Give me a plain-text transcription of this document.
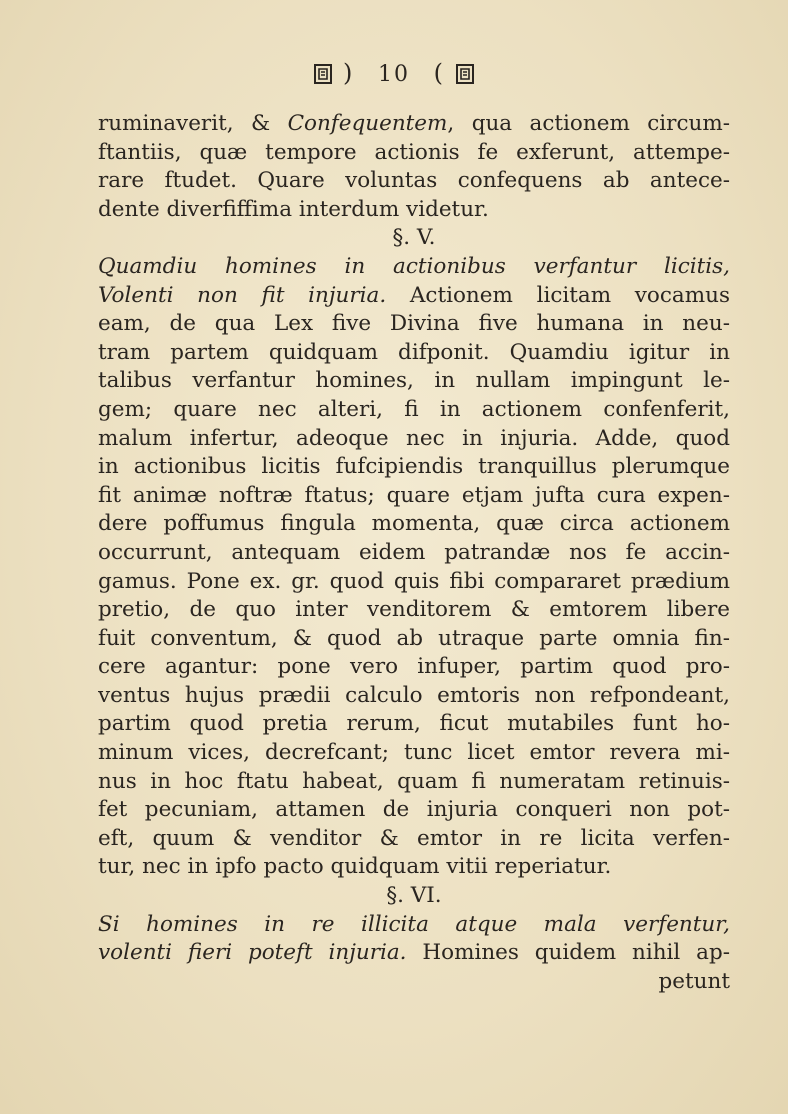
) 10 (
ruminaverit, & Confequentem, qua actionem circum-
ftantiis, quæ tempore actionis fe exferunt, attempe-
rare ftudet. Quare voluntas confequens ab antece-
dente diverfiffima interdum videtur.
§. V.
Quamdiu homines in actionibus verfantur licitis,
Volenti non fit injuria. Actionem licitam vocamus
eam, de qua Lex five Divina five humana in neu-
tram partem quidquam difponit. Quamdiu igitur in
talibus verfantur homines, in nullam impingunt le-
gem; quare nec alteri, fi in actionem confenferit,
malum infertur, adeoque nec in injuria. Adde, quod
in actionibus licitis fufcipiendis tranquillus plerumque
fit animæ noftræ ftatus; quare etjam jufta cura expen-
dere poffumus fingula momenta, quæ circa actionem
occurrunt, antequam eidem patrandæ nos fe accin-
gamus. Pone ex. gr. quod quis fibi compararet prædium
pretio, de quo inter venditorem & emtorem libere
fuit conventum, & quod ab utraque parte omnia fin-
cere agantur: pone vero infuper, partim quod pro-
ventus hujus prædii calculo emtoris non refpondeant,
partim quod pretia rerum, ficut mutabiles funt ho-
minum vices, decrefcant; tunc licet emtor revera mi-
nus in hoc ftatu habeat, quam fi numeratam retinuis-
fet pecuniam, attamen de injuria conqueri non pot-
eft, quum & venditor & emtor in re licita verfen-
tur, nec in ipfo pacto quidquam vitii reperiatur.
§. VI.
Si homines in re illicita atque mala verfentur,
volenti fieri poteft injuria. Homines quidem nihil ap-
petunt
